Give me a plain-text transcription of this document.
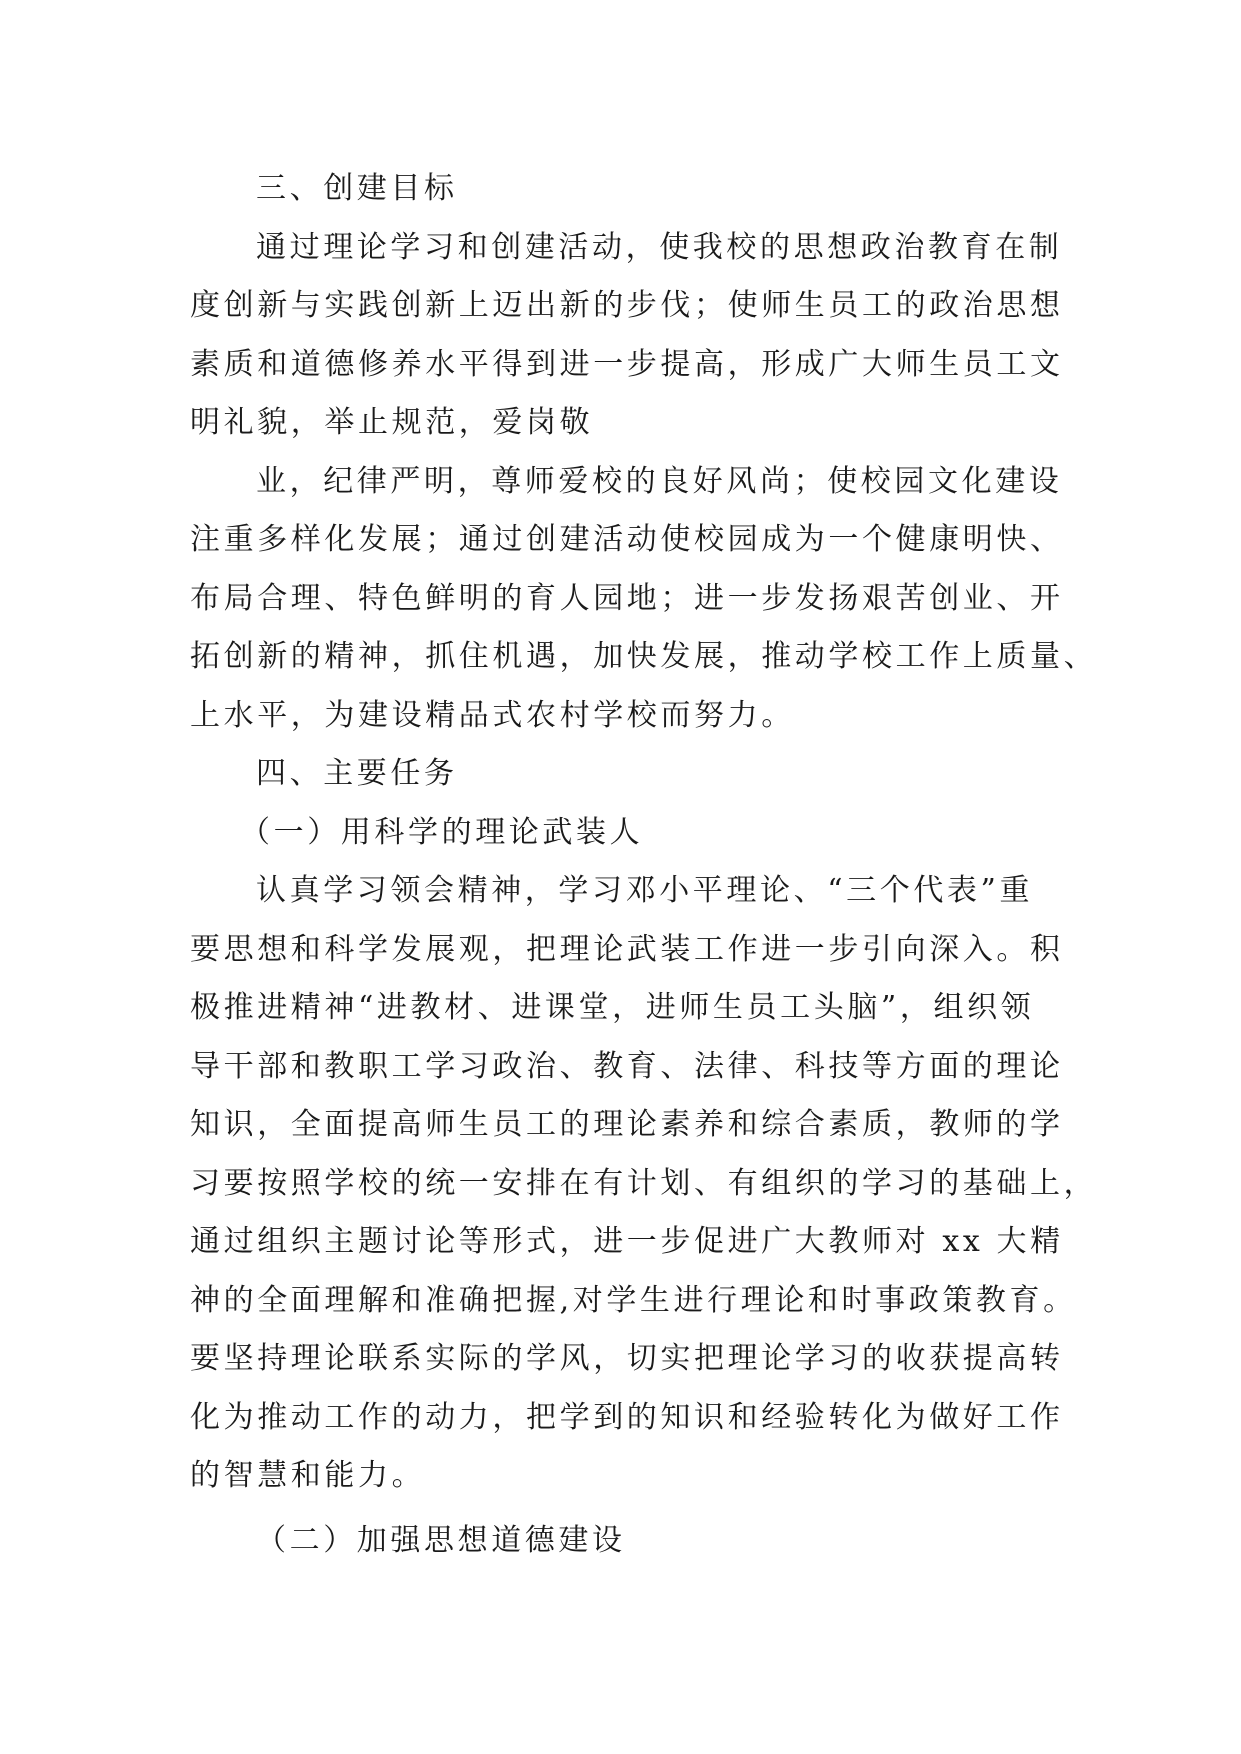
三、创建目标
通过理论学习和创建活动，使我校的思想政治教育在制
度创新与实践创新上迈出新的步伐；使师生员工的政治思想
素质和道德修养水平得到进一步提高，形成广大师生员工文
明礼貌，举止规范，爱岗敬
业，纪律严明，尊师爱校的良好风尚；使校园文化建设
注重多样化发展；通过创建活动使校园成为一个健康明快、
布局合理、特色鲜明的育人园地；进一步发扬艰苦创业、开
拓创新的精神，抓住机遇，加快发展，推动学校工作上质量、
上水平，为建设精品式农村学校而努力。
四、主要任务
（一）用科学的理论武装人
认真学习领会精神，学习邓小平理论、“三个代表”重
要思想和科学发展观，把理论武装工作进一步引向深入。积
极推进精神“进教材、进课堂，进师生员工头脑”，组织领
导干部和教职工学习政治、教育、法律、科技等方面的理论
知识，全面提高师生员工的理论素养和综合素质，教师的学
习要按照学校的统一安排在有计划、有组织的学习的基础上，
通过组织主题讨论等形式，进一步促进广大教师对 xx 大精
神的全面理解和准确把握,对学生进行理论和时事政策教育。
要坚持理论联系实际的学风，切实把理论学习的收获提高转
化为推动工作的动力，把学到的知识和经验转化为做好工作
的智慧和能力。
（二）加强思想道德建设
